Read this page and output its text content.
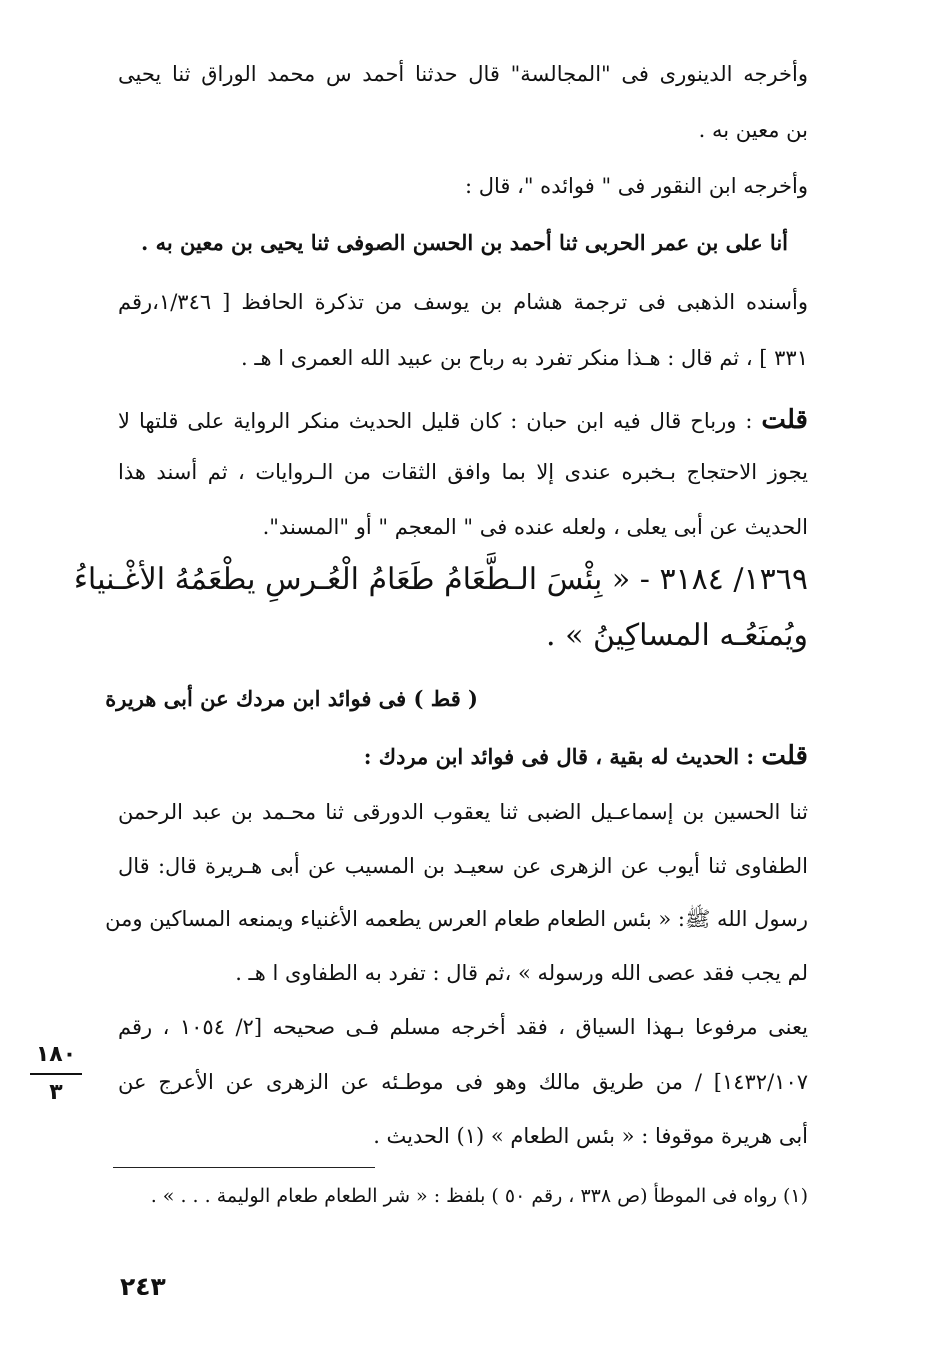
وأخرجه الدينورى فى "المجالسة" قال حدثنا أحمد س محمد الوراق ثنا يحيى
بن معين به .
وأخرجه ابن النقور فى " فوائده "، قال :
أنا على بن عمر الحربى ثنا أحمد بن الحسن الصوفى ثنا يحيى بن معين به .
وأسنده الذهبى فى ترجمة هشام بن يوسف من تذكرة الحافظ [ ١/٣٤٦،رقم
٣٣١ ] ، ثم قال : هـذا منكر تفرد به رباح بن عبيد الله العمرى ا هـ .
قلت : ورباح قال فيه ابن حبان : كان قليل الحديث منكر الرواية على قلتها لا
يجوز الاحتجاج بـخبره عندى إلا بما وافق الثقات من الـروايات ، ثم أسند هذا
الحديث عن أبى يعلى ، ولعله عنده فى " المعجم " أو "المسند".
١٣٦٩/ ٣١٨٤ - « بِئْسَ الـطَّعَامُ طَعَامُ الْعُـرسِ يطْعَمُهُ الأغْـنياءُ
ويُمنَعُـه المساكِينُ » .
( قط ) فى فوائد ابن مردك عن أبى هريرة
قلت : الحديث له بقية ، قال فى فوائد ابن مردك :
ثنا الحسين بن إسماعـيل الضبى ثنا يعقوب الدورقى ثنا محـمد بن عبد الرحمن
الطفاوى ثنا أيوب عن الزهرى عن سعيـد بن المسيب عن أبى هـريرة قال: قال
رسول الله ﷺ: « بئس الطعام طعام العرس يطعمه الأغنياء ويمنعه المساكين ومن
لم يجب فقد عصى الله ورسوله » ،ثم قال : تفرد به الطفاوى ا هـ .
يعنى مرفوعا بـهذا السياق ، فقد أخرجه مسلم فـى صحيحه [٢/ ١٠٥٤ ، رقم
١٤٣٢/١٠٧] / من طريق مالك وهو فى موطـئه عن الزهرى عن الأعرج عن
أبى هريرة موقوفا : « بئس الطعام » (١) الحديث .
١٨٠
٣
(١) رواه فى الموطأ (ص ٣٣٨ ، رقم ٥٠ ) بلفظ : « شر الطعام طعام الوليمة . . . » .
٢٤٣
